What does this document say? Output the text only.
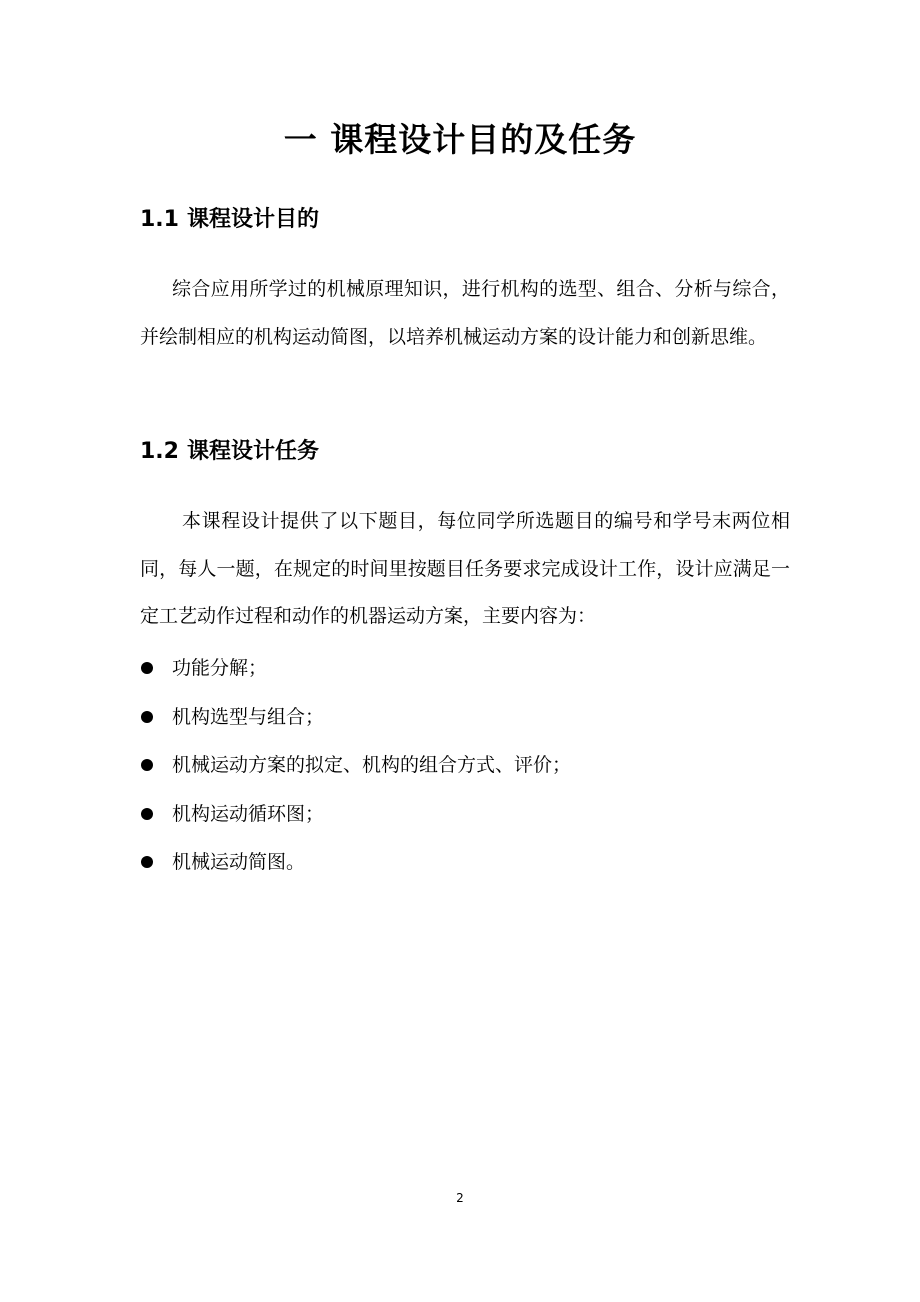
一 课程设计目的及任务
1.1 课程设计目的

综合应用所学过的机械原理知识，进行机构的选型、组合、分析与综合，并绘制相应的机构运动简图，以培养机械运动方案的设计能力和创新思维。

1.2 课程设计任务

本课程设计提供了以下题目，每位同学所选题目的编号和学号末两位相同，每人一题，在规定的时间里按题目任务要求完成设计工作，设计应满足一定工艺动作过程和动作的机器运动方案，主要内容为：

功能分解；
机构选型与组合；
机械运动方案的拟定、机构的组合方式、评价；
机构运动循环图；
机械运动简图。
2
